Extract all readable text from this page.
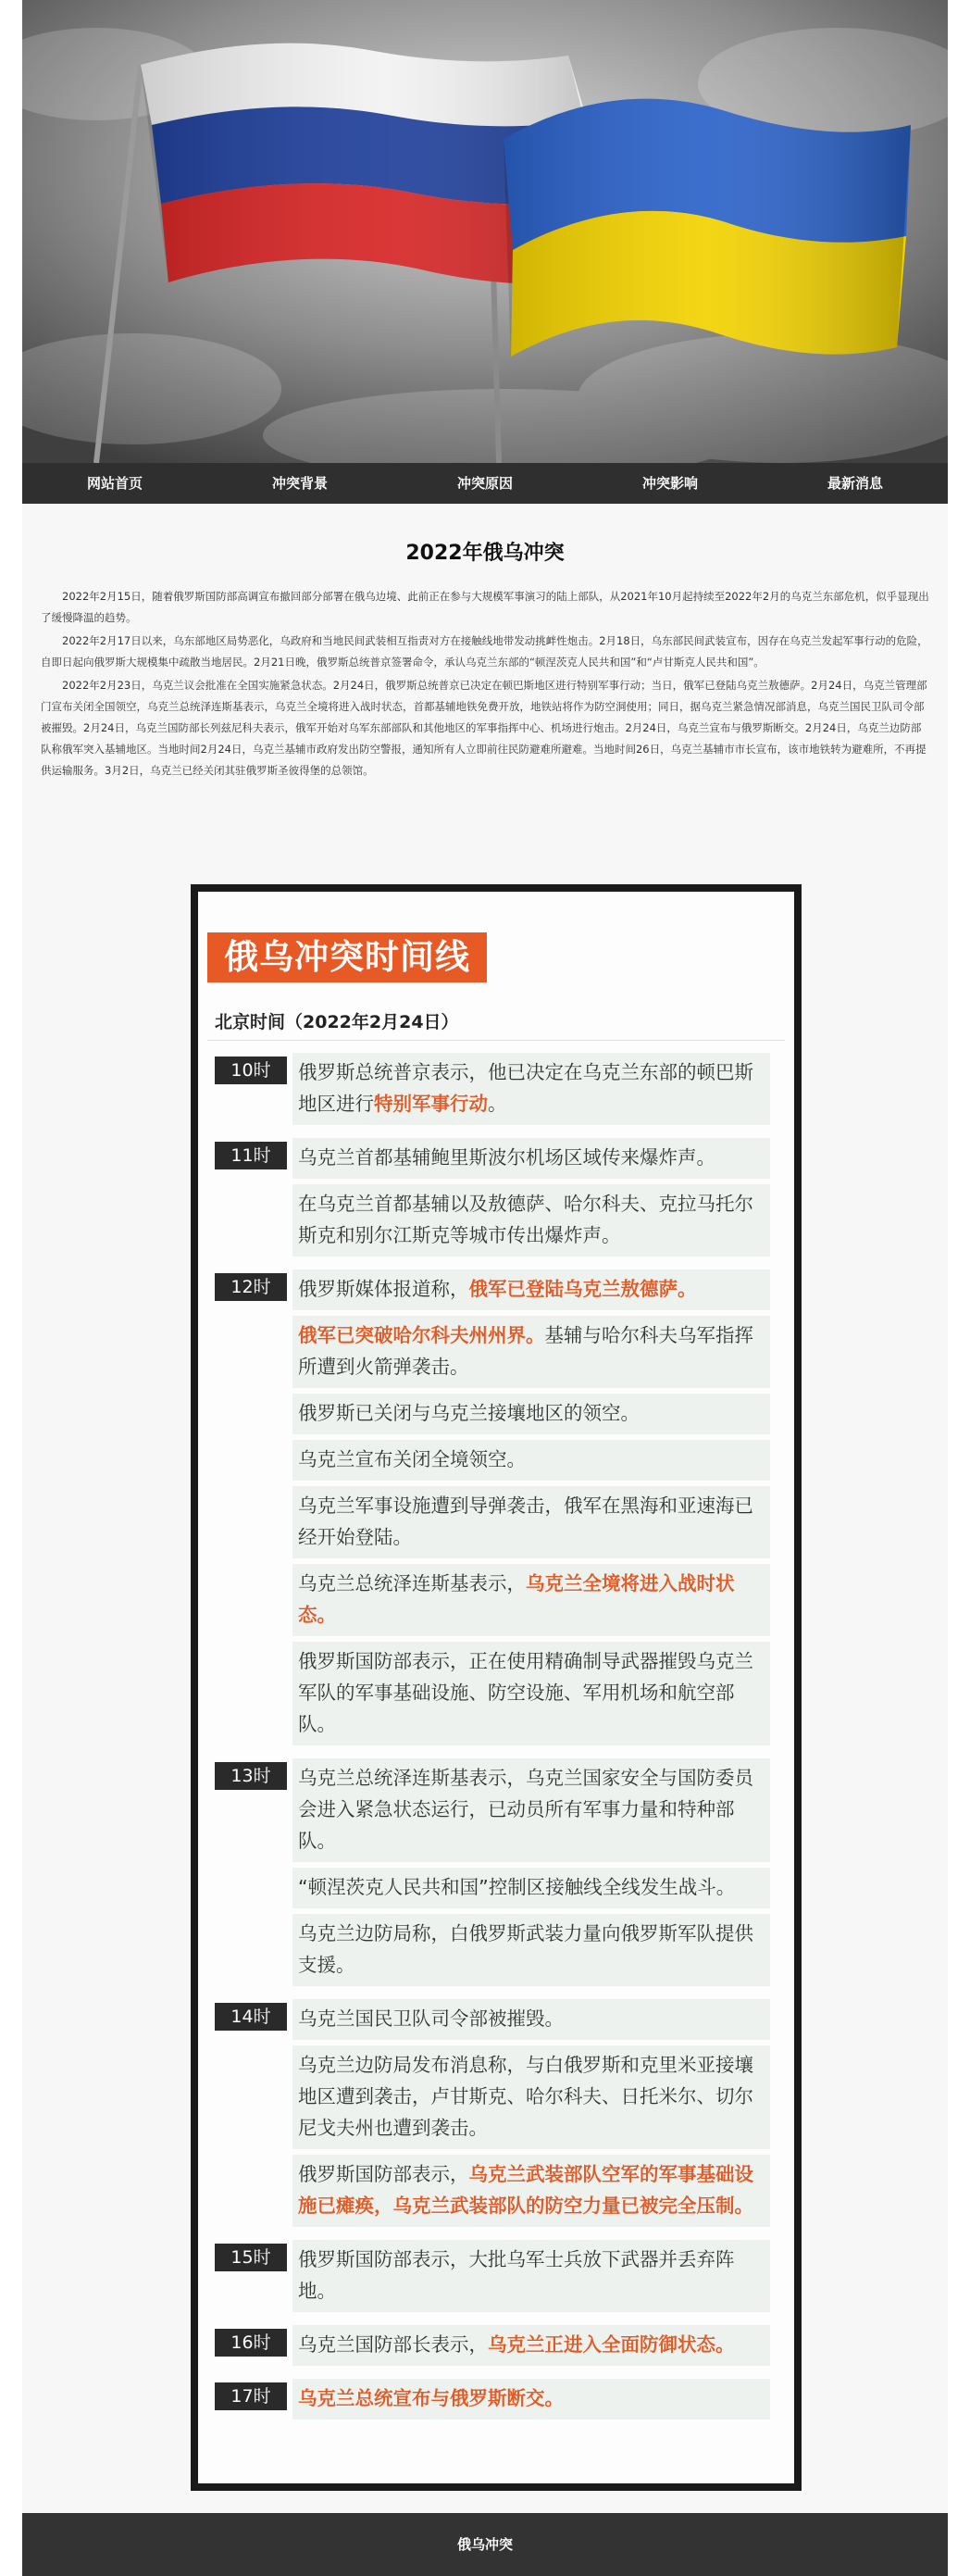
网站首页	冲突背景	冲突原因	冲突影响	最新消息
2022年俄乌冲突

2022年2月15日，随着俄罗斯国防部高调宣布撤回部分部署在俄乌边境、此前正在参与大规模军事演习的陆上部队，从2021年10月起持续至2022年2月的乌克兰东部危机，似乎显现出了缓慢降温的趋势。

2022年2月17日以来，乌东部地区局势恶化，乌政府和当地民间武装相互指责对方在接触线地带发动挑衅性炮击。2月18日，乌东部民间武装宣布，因存在乌克兰发起军事行动的危险，自即日起向俄罗斯大规模集中疏散当地居民。2月21日晚，俄罗斯总统普京签署命令，承认乌克兰东部的“顿涅茨克人民共和国”和“卢甘斯克人民共和国”。

2022年2月23日，乌克兰议会批准在全国实施紧急状态。2月24日，俄罗斯总统普京已决定在顿巴斯地区进行特别军事行动；当日，俄军已登陆乌克兰敖德萨。2月24日，乌克兰管理部门宣布关闭全国领空，乌克兰总统泽连斯基表示，乌克兰全境将进入战时状态，首都基辅地铁免费开放，地铁站将作为防空洞使用；同日，据乌克兰紧急情况部消息，乌克兰国民卫队司令部被摧毁。2月24日，乌克兰国防部长列兹尼科夫表示，俄军开始对乌军东部部队和其他地区的军事指挥中心、机场进行炮击。2月24日，乌克兰宣布与俄罗斯断交。2月24日，乌克兰边防部队称俄军突入基辅地区。当地时间2月24日，乌克兰基辅市政府发出防空警报，通知所有人立即前往民防避难所避难。当地时间26日，乌克兰基辅市市长宣布，该市地铁转为避难所，不再提供运输服务。3月2日，乌克兰已经关闭其驻俄罗斯圣彼得堡的总领馆。

俄乌冲突时间线
北京时间（2022年2月24日）
10时	俄罗斯总统普京表示，他已决定在乌克兰东部的顿巴斯地区进行特别军事行动。
11时	乌克兰首都基辅鲍里斯波尔机场区域传来爆炸声。
在乌克兰首都基辅以及敖德萨、哈尔科夫、克拉马托尔斯克和别尔江斯克等城市传出爆炸声。
12时	俄罗斯媒体报道称，俄军已登陆乌克兰敖德萨。
俄军已突破哈尔科夫州州界。基辅与哈尔科夫乌军指挥所遭到火箭弹袭击。
俄罗斯已关闭与乌克兰接壤地区的领空。
乌克兰宣布关闭全境领空。
乌克兰军事设施遭到导弹袭击，俄军在黑海和亚速海已经开始登陆。
乌克兰总统泽连斯基表示，乌克兰全境将进入战时状态。
俄罗斯国防部表示，正在使用精确制导武器摧毁乌克兰军队的军事基础设施、防空设施、军用机场和航空部队。
13时	乌克兰总统泽连斯基表示，乌克兰国家安全与国防委员会进入紧急状态运行，已动员所有军事力量和特种部队。
“顿涅茨克人民共和国”控制区接触线全线发生战斗。
乌克兰边防局称，白俄罗斯武装力量向俄罗斯军队提供支援。
14时	乌克兰国民卫队司令部被摧毁。
乌克兰边防局发布消息称，与白俄罗斯和克里米亚接壤地区遭到袭击，卢甘斯克、哈尔科夫、日托米尔、切尔尼戈夫州也遭到袭击。
俄罗斯国防部表示，乌克兰武装部队空军的军事基础设施已瘫痪，乌克兰武装部队的防空力量已被完全压制。
15时	俄罗斯国防部表示，大批乌军士兵放下武器并丢弃阵地。
16时	乌克兰国防部长表示，乌克兰正进入全面防御状态。
17时	乌克兰总统宣布与俄罗斯断交。
俄乌冲突
